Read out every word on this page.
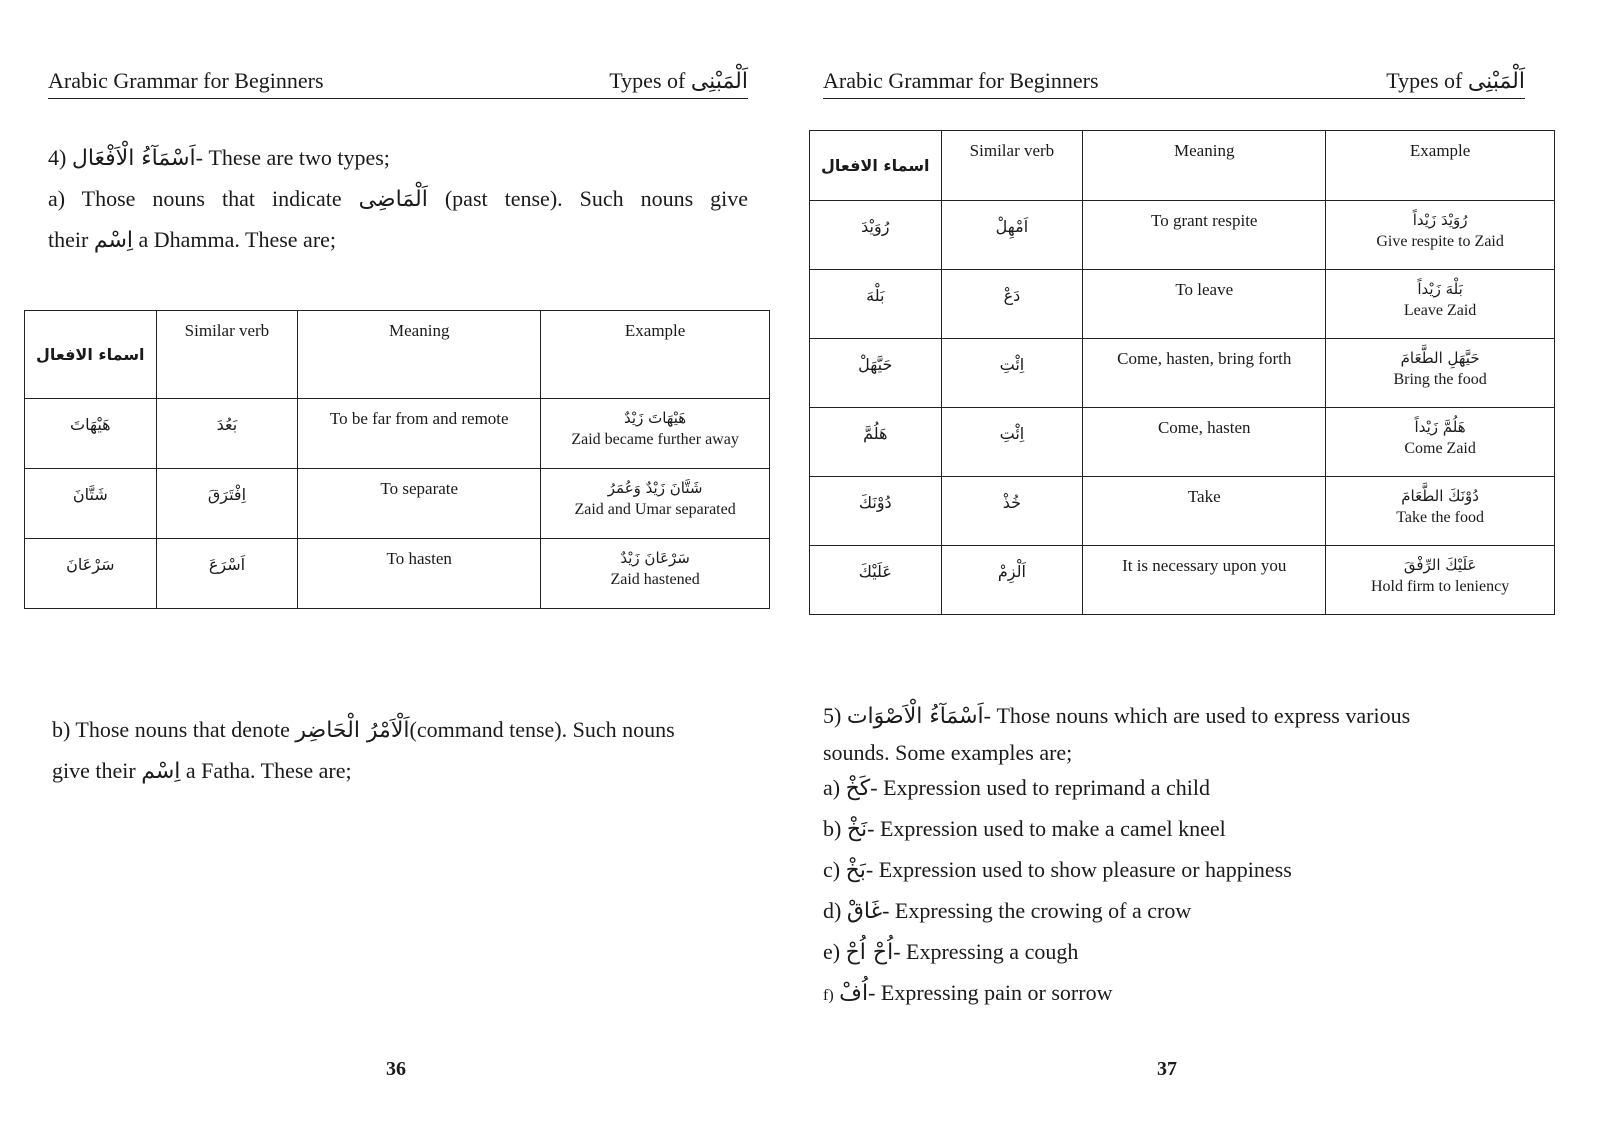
Arabic Grammar for Beginners	Types of اَلْمَبْنِی
4) اَسْمَآءُ الْاَفْعَال- These are two types;
a) Those nouns that indicate اَلْمَاضِی (past tense). Such nouns give
their اِسْم a Dhamma. These are;
اسماء الافعال	Similar verb	Meaning	Example
هَيْهَاتَ	بَعُدَ	To be far from and remote	هَيْهَاتَ زَيْدٌ
Zaid became further away

شَتَّانَ	اِفْتَرَقَ	To separate	شَتَّانَ زَيْدٌ وَعُمَرُ
Zaid and Umar separated

سَرْعَانَ	اَسْرَعَ	To hasten	سَرْعَانَ زَيْدٌ
Zaid hastened
b) Those nouns that denote اَلْاَمْرُ الْحَاضِر(command tense). Such nouns
give their اِسْم a Fatha. These are;
36
Arabic Grammar for Beginners	Types of اَلْمَبْنِی
اسماء الافعال	Similar verb	Meaning	Example
رُوَيْدَ	اَمْهِلْ	To grant respite	رُوَيْدَ زَيْداً
Give respite to Zaid

بَلْهَ	دَعْ	To leave	بَلْهَ زَيْداً
Leave Zaid

حَيَّهَلْ	اِئْتِ	Come, hasten, bring forth	حَيَّهَلِ الطَّعَامَ
Bring the food

هَلُمَّ	اِئْتِ	Come, hasten	هَلُمَّ زَيْداً
Come Zaid

دُوْنَكَ	خُذْ	Take	دُوْنَكَ الطَّعَامَ
Take the food

عَلَيْكَ	اَلْزِمْ	It is necessary upon you	عَلَيْكَ الرِّفْقَ
Hold firm to leniency
5) اَسْمَآءُ الْاَصْوَات- Those nouns which are used to express various
sounds. Some examples are;
a) كَخْ- Expression used to reprimand a child
b) نَخْ- Expression used to make a camel kneel
c) بَخْ- Expression used to show pleasure or happiness
d) غَاقْ- Expressing the crowing of a crow
e) اُحْ اُحْ- Expressing a cough
f) اُفْ- Expressing pain or sorrow
37
